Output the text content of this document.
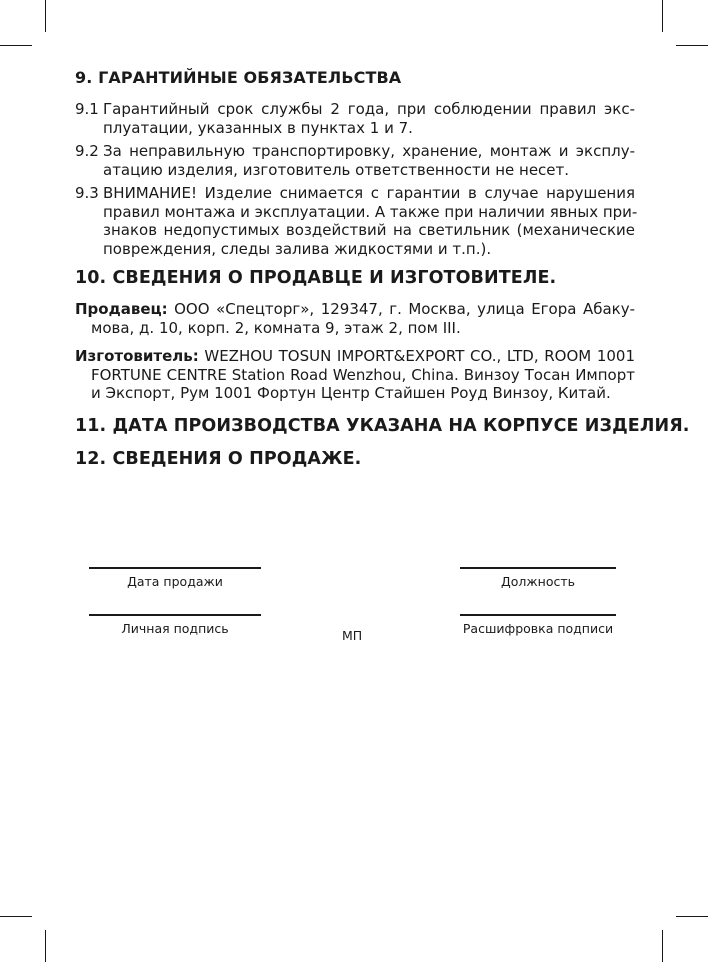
9. ГАРАНТИЙНЫЕ ОБЯЗАТЕЛЬСТВА
9.1 Гарантийный срок службы 2 года, при соблюдении правил экс-
плуатации, указанных в пунктах 1 и 7.
9.2 За неправильную транспортировку, хранение, монтаж и эксплу-
атацию изделия, изготовитель ответственности не несет.
9.3 ВНИМАНИЕ! Изделие снимается с гарантии в случае нарушения
правил монтажа и эксплуатации. А также при наличии явных при-
знаков недопустимых воздействий на светильник (механические
повреждения, следы залива жидкостями и т.п.).
10. СВЕДЕНИЯ О ПРОДАВЦЕ И ИЗГОТОВИТЕЛЕ.
Продавец: ООО «Спецторг», 129347, г. Москва, улица Егора Абаку-
мова, д. 10, корп. 2, комната 9, этаж 2, пом III.
Изготовитель: WEZHOU TOSUN IMPORT&EXPORT CO., LTD, ROOM 1001
FORTUNE CENTRE Station Road Wenzhou, China. Винзоу Тосан Импорт
и Экспорт, Рум 1001 Фортун Центр Стайшен Роуд Винзоу, Китай.
11. ДАТА ПРОИЗВОДСТВА УКАЗАНА НА КОРПУСЕ ИЗДЕЛИЯ.
12. СВЕДЕНИЯ О ПРОДАЖЕ.
Дата продажи	Должность
Личная подпись	Расшифровка подписи
МП
